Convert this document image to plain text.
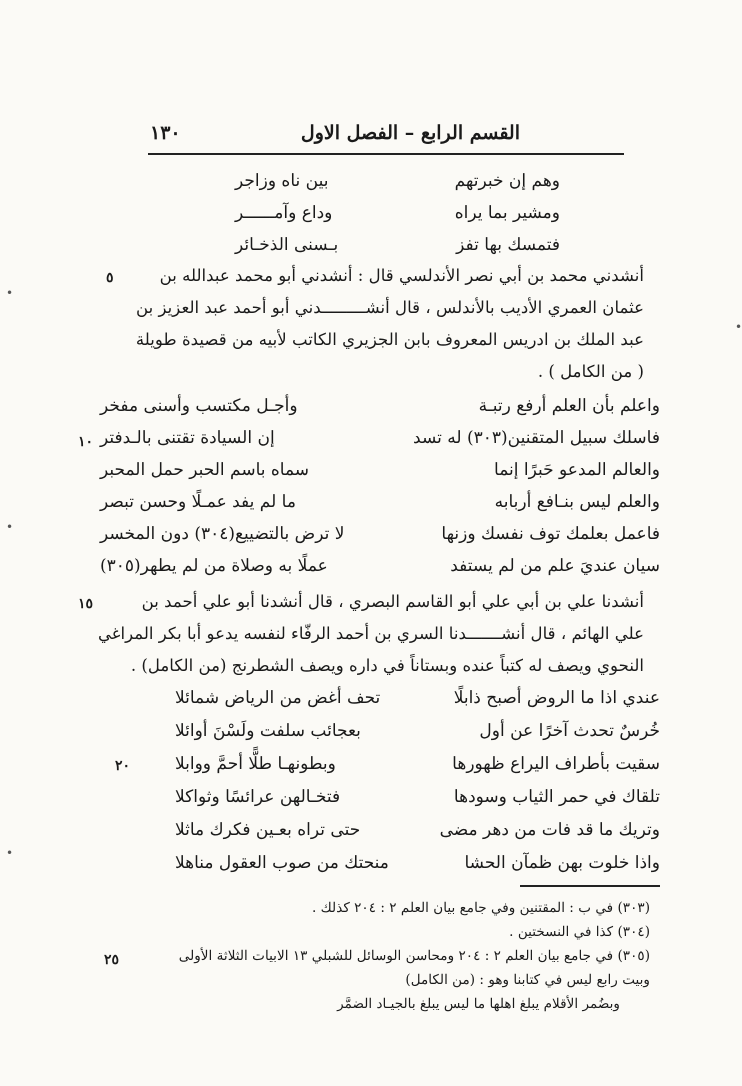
القسم الرابع – الفصل الاول
١٣٠
وهم إن خبرتهم
بين ناه وزاجر
ومشير بما يراه
وداع وآمــــــر
فتمسك بها تفز
بـسنى الذخـائر
أنشدني محمد بن أبي نصر الأندلسي قال : أنشدني أبو محمد عبدالله بن
عثمان العمري الأديب بالأندلس ، قال أنشـــــــــدني أبو أحمد عبد العزيز بن
عبد الملك بن ادريس المعروف بابن الجزيري الكاتب لأبيه من قصيدة طويلة
( من الكامل ) .
٥
واعلم بأن العلم أرفع رتبـة
وأجـل مكتسب وأسنى مفخر
فاسلك سبيل المتقنين(٣٠٣) له تسد
إن السيادة تقتنى بالـدفتر
١٠
والعالم المدعو حَبرًا إنما
سماه باسم الحبر حمل المحبر
والعلم ليس بنـافع أربابه
ما لم يفد عمـلًا وحسن تبصر
فاعمل بعلمك توف نفسك وزنها
لا ترض بالتضييع(٣٠٤) دون المخسر
سيان عنديَ علم من لم يستفد
عملًا به وصلاة من لم يطهر(٣٠٥)
أنشدنا علي بن أبي علي أبو القاسم البصري ، قال أنشدنا أبو علي أحمد بن
١٥
علي الهائم ، قال أنشـــــــدنا السري بن أحمد الرفّاء لنفسه يدعو أبا بكر المراغي
النحوي ويصف له كتباً عنده وبستاناً في داره ويصف الشطرنج (من الكامل) .
عندي اذا ما الروض أصبح ذابلًا
تحف أغض من الرياض شمائلا
خُرسٌ تحدث آخرًا عن أول
بعجائب سلفت ولَسْنَ أوائلا
سقيت بأطراف اليراع ظهورها
وبطونهـا طلًّا أحمَّ ووابلا
٢٠
تلقاك في حمر الثياب وسودها
فتخـالهن عرائسًا وثواكلا
وتريك ما قد فات من دهر مضى
حتى تراه بعـين فكرك ماثلا
واذا خلوت بهن ظمآن الحشا
منحتك من صوب العقول مناهلا
(٣٠٣) في ب : المقتنين وفي جامع بيان العلم ٢ : ٢٠٤ كذلك .
(٣٠٤) كذا في النسختين .
(٣٠٥) في جامع بيان العلم ٢ : ٢٠٤ ومحاسن الوسائل للشبلي ١٣ الابيات الثلاثة الأولى
٢٥
وبيت رابع ليس في كتابنا وهو : (من الكامل)
وبضُمر الأقلام يبلغ اهلها ما ليس يبلغ بالجيـاد الضمَّر
•
•
•
•
